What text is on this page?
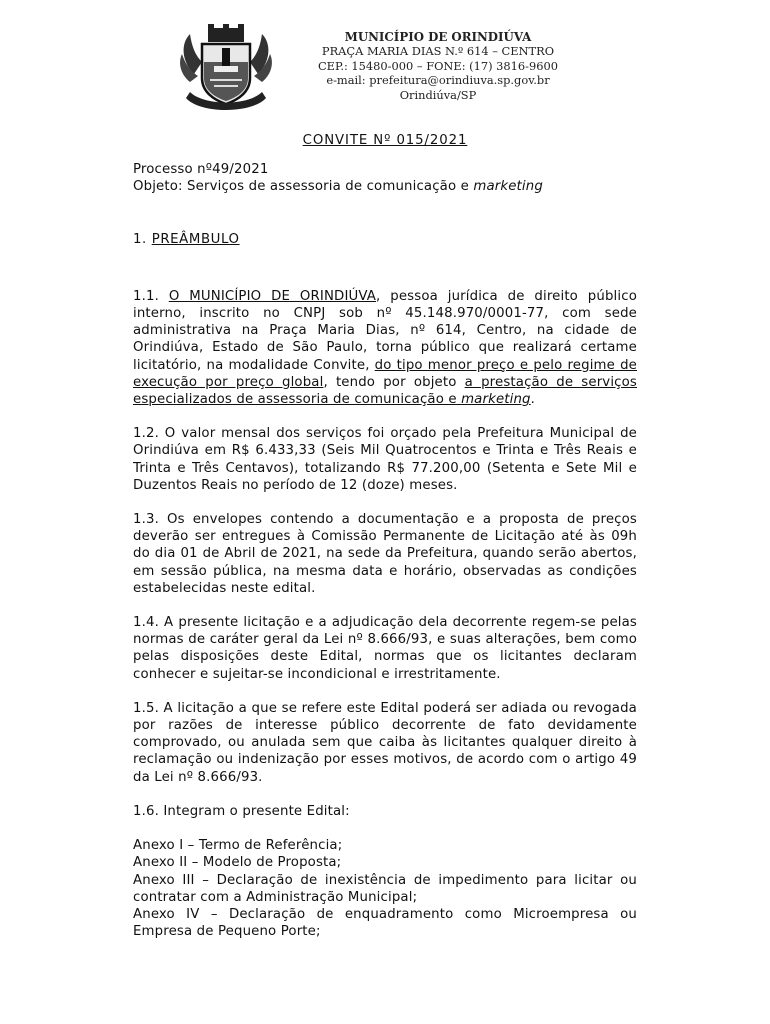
MUNICÍPIO DE ORINDIÚVA
PRAÇA MARIA DIAS N.º 614 – CENTRO
CEP.: 15480-000 – FONE: (17) 3816-9600
e-mail: prefeitura@orindiuva.sp.gov.br
Orindiúva/SP
CONVITE Nº 015/2021
Processo nº49/2021
Objeto: Serviços de assessoria de comunicação e marketing
1. PREÂMBULO
1.1. O MUNICÍPIO DE ORINDIÚVA, pessoa jurídica de direito público interno, inscrito no CNPJ sob nº 45.148.970/0001-77, com sede administrativa na Praça Maria Dias, nº 614, Centro, na cidade de Orindiúva, Estado de São Paulo, torna público que realizará certame licitatório, na modalidade Convite, do tipo menor preço e pelo regime de execução por preço global, tendo por objeto a prestação de serviços especializados de assessoria de comunicação e marketing.
1.2. O valor mensal dos serviços foi orçado pela Prefeitura Municipal de Orindiúva em R$ 6.433,33 (Seis Mil Quatrocentos e Trinta e Três Reais e Trinta e Três Centavos), totalizando R$ 77.200,00 (Setenta e Sete Mil e Duzentos Reais no período de 12 (doze) meses.
1.3. Os envelopes contendo a documentação e a proposta de preços deverão ser entregues à Comissão Permanente de Licitação até às 09h do dia 01 de Abril de 2021, na sede da Prefeitura, quando serão abertos, em sessão pública, na mesma data e horário, observadas as condições estabelecidas neste edital.
1.4. A presente licitação e a adjudicação dela decorrente regem-se pelas normas de caráter geral da Lei nº 8.666/93, e suas alterações, bem como pelas disposições deste Edital, normas que os licitantes declaram conhecer e sujeitar-se incondicional e irrestritamente.
1.5. A licitação a que se refere este Edital poderá ser adiada ou revogada por razões de interesse público decorrente de fato devidamente comprovado, ou anulada sem que caiba às licitantes qualquer direito à reclamação ou indenização por esses motivos, de acordo com o artigo 49 da Lei nº 8.666/93.
1.6. Integram o presente Edital:
Anexo I – Termo de Referência;
Anexo II – Modelo de Proposta;
Anexo III – Declaração de inexistência de impedimento para licitar ou contratar com a Administração Municipal;
Anexo IV – Declaração de enquadramento como Microempresa ou Empresa de Pequeno Porte;
